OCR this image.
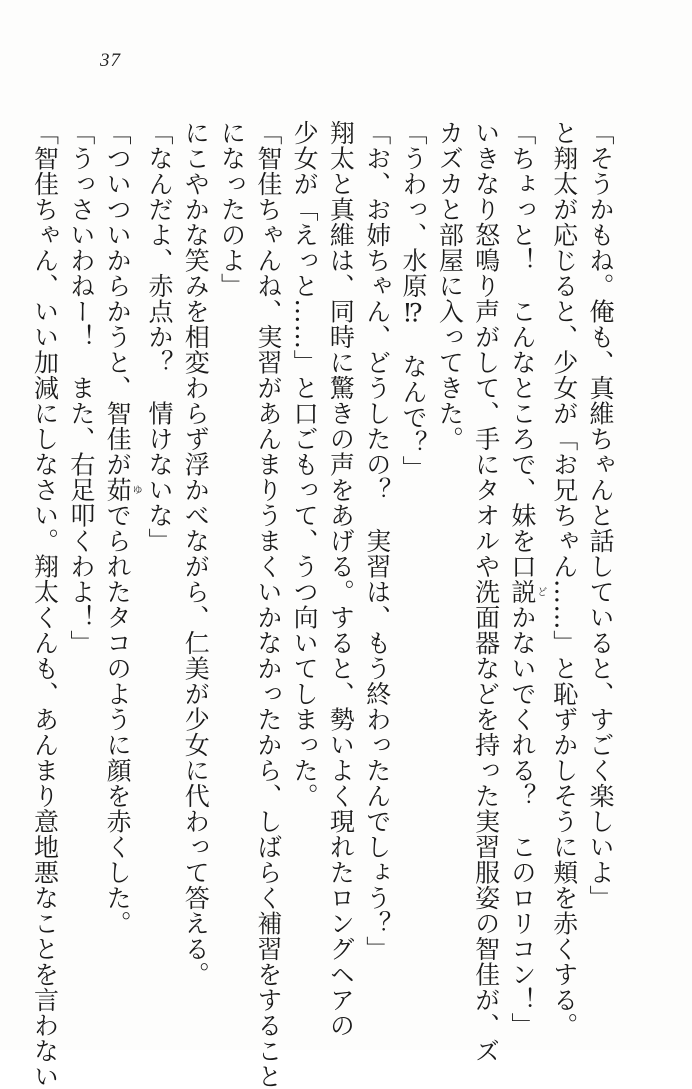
37

「そうかもね。俺も、真維ちゃんと話していると、すごく楽しいよ」

と翔太が応じると、少女が「お兄ちゃん……」と恥ずかしそうに頬を赤くする。

「ちょっと！　こんなところで、妹を口説どかないでくれる？　このロリコン！」

いきなり怒鳴り声がして、手にタオルや洗面器などを持った実習服姿の智佳が、ズ

カズカと部屋に入ってきた。

「うわっ、水原⁉　なんで？」

「お、お姉ちゃん、どうしたの？　実習は、もう終わったんでしょう？」

翔太と真維は、同時に驚きの声をあげる。すると、勢いよく現れたロングヘアの

少女が「えっと……」と口ごもって、うつ向いてしまった。

「智佳ちゃんね、実習があんまりうまくいかなかったから、しばらく補習をすること

になったのよ」

にこやかな笑みを相変わらず浮かべながら、仁美が少女に代わって答える。

「なんだよ、赤点か？　情けないな」

「ついついからかうと、智佳が茹ゆでられたタコのように顔を赤くした。

「うっさいわねー！　また、右足叩くわよ！」

「智佳ちゃん、いい加減にしなさい。翔太くんも、あんまり意地悪なことを言わない
